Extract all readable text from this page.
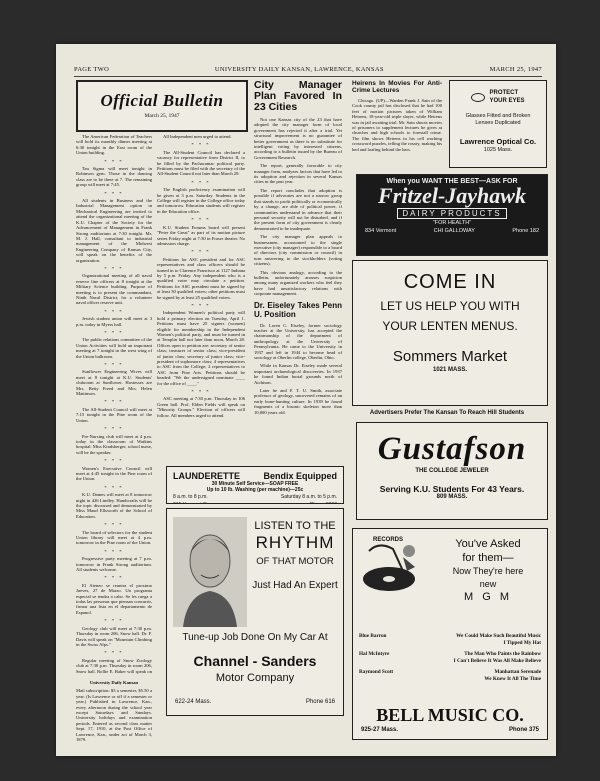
PAGE TWO	UNIVERSITY DAILY KANSAN, LAWRENCE, KANSAS	MARCH 25, 1947
Official Bulletin
March 25, 1947

The American Federation of Teachers will hold its monthly dinner meeting at 6:30 tonight in the East room of the Union building.

* * *

Tau Sigma will meet tonight in Robinson gym. Those in the dancing class are to be there at 7. The remaining group will meet at 7:45.

* * *

All students in Business and the Industrial Management option in Mechanical Engineering are invited to attend the organizational meeting of the K.U. Chapter of the Society for the Advancement of Management in Frank Strong auditorium at 7:30 tonight. Mr. M. J. Hall, consultant to industrial management of the Midwest Engineering Company of Kansas City, will speak on the benefits of the organization.

* * *

Organizational meeting of all naval reserve line officers at 8 tonight at the Military Science building. Purpose of meeting is to present the commandant, Ninth Naval District, for a volunteer naval officer reserve unit.

* * *

Jewish student union will meet at 3 p.m. today in Myers hall.

* * *

The public relations committee of the Union Activities will hold an important meeting at 7 tonight in the west wing of the Union ballroom.

* * *

Sunflower Engineering Wives will meet at 8 tonight at K.U. Students' clubroom at Sunflower. Hostesses are Mrs. Betty Freed and Mrs. Helen Mattinson.

* * *

The All-Student Council will meet at 7:15 tonight in the Pine room of the Union.

* * *

Pre-Nursing club will meet at 4 p.m. today in the classroom of Watkins hospital. Miss Kindsberger, school nurse, will be the speaker.

* * *

Women's Executive Council will meet at 4:45 tonight in the Pine room of the Union.

* * *

K.U. Dames will meet at 8 tomorrow night in 426 Lindley. Handicrafts will be the topic discussed and demonstrated by Miss Maud Ellsworth of the School of Education.

* * *

The board of selectors for the student Union library will meet at 4 p.m. tomorrow in the Pine room of the Union.

* * *

Progressive party meeting at 7 p.m. tomorrow in Frank Strong auditorium. All students welcome.

* * *

El Ateneo se reunira el proximo Jueves, 27 de Marzo. Un programa especial se tendra a cabo. Se les ruega a todas las personas que piensan concurrir, firmar una lista en el departamento de Espanol.

* * *

Geology club will meet at 7:30 p.m. Thursday in room 206, Snow hall. Dr. F. Davis will speak on "Mountain Climbing in the Swiss Alps."

* * *

Regular meeting of Snow Zoology club at 7:30 p.m. Thursday in room 206, Snow hall. Rollie E. Baker will speak on

University Daily Kansan

Mail subscription: $3 a semester, $5.50 a year. (Is Lawrence or off if a semester or year.) Published in Lawrence, Kan., every afternoon during the school year except Saturdays and Sundays. University holidays and examination periods. Entered as second class matter Sept. 17, 1910, at the Post Office of Lawrence, Kan., under act of March 3, 1879.

All Independent men urged to attend.

* * *

The All-Student Council has declared a vacancy for representative from District II, to be filled by the Pachacamac political party. Petitions must be filed with the secretary of the All-Student Council not later than March 29.

* * *

The English proficiency examination will be given at 3 p.m. Saturday. Students in the College will register in the College office today and tomorrow. Education students will register in the Education office.

* * *

K.U. Student Forums board will present "Peter the Great" as part of its motion picture series Friday night at 7:30 in Fraser theater. No admission charge.

* * *

Petitions for ASC president and for ASC representatives and class officers should be turned in to Clarence Francisco at 1127 Indiana by 5 p.m. Friday. Any independent who is a qualified voter may circulate a petition. Petitions for ASC president must be signed by at least 50 qualified voters; other petitions must be signed by at least 25 qualified voters.

* * *

Independent Women's political party will hold a primary election on Tuesday, April 1. Petitions must have 25 signers (women) eligible for membership in the Independent Women's political party, and must be turned in at Templin hall not later than noon, March 28. Offices open to petition are: secretary of senior class; treasurer of senior class; vice-president of junior class; secretary of junior class; vice-president of sophomore class; 4 representatives to ASC from the College; 2 representatives to ASC from Fine Arts. Petitions should be headed: "We the undersigned nominate ____ for the office of ____."

* * *

ASC meeting at 7:30 p.m. Thursday in 106 Green hall. Prof. Elden Fields will speak on "Minority Groups." Election of officers will follow. All members urged to attend.

City Manager Plan Favored In 23 Cities

Not one Kansas city of the 23 that have adopted the city manager form of local government has rejected it after a trial. Yet structural improvement is no guarantee of better government as there is no substitute for intelligent voting by interested citizens, according to a bulletin issued by the Bureau of Government Research.

The report, generally favorable to city manager form, analyzes factors that have led to its adoption and rejection in several Kansas cities in the past year.

The report concludes that adoption is possible if advocates are not a narrow group that stands to profit politically or economically by a change, are able of political power, if communities understand in advance that their personal security will not be disturbed, and if the present form of city government is clearly demonstrated to be inadequate.

The city manager plan appeals to businessmen, accustomed to the single executive (city manager) responsible to a board of directors (city commission or council) in turn answering to the stockholders (voting citizens).

This obvious analogy, according to the bulletin, unfortunately arouses suspicion among many organized workers who feel they have had unsatisfactory relations with corporate management.

Dr. Eiseley Takes Penn U. Position

Dr. Loren C. Eiseley, former sociology teacher at the University, has accepted the chairmanship of the department of anthropology at the University of Pennsylvania. He came to the University in 1937 and left in 1944 to become head of sociology at Oberlin college, Oberlin, Ohio.

While in Kansas Dr. Eiseley made several important archaeological discoveries. In 1937 he found Indian burial grounds north of Atchison.

Later he and F. T. U. Smith, associate professor of geology, uncovered remains of an early bone-hunting culture. In 1939 he found fragments of a bisonic skeleton more than 10,000 years old.

Heirens In Movies For Anti-Crime Lectures

Chicago. (UP)—Warden Frank J. Sain of the Cook county jail has disclosed that he had 100 feet of motion pictures taken of William Heirens, 18-year-old triple slayer, while Heirens was in jail awaiting trial. Mr. Sain shoots movies of prisoners to supplement lectures he gives at churches and high schools to forestall crime. The film shows Heirens in his cell working crossword puzzles, telling the rosary, making his bed and loafing behind the bars.

PROTECT
YOUR EYES
Glasses Fitted and Broken Lenses Duplicated
Lawrence Optical Co.
1025 Mass.
When you WANT THE BEST—ASK FOR
Fritzel-Jayhawk
DAIRY PRODUCTS
"FOR HEALTH"
834 Vermont	CHI GALLOWAY	Phone 182
COME IN
LET US HELP YOU WITH
YOUR LENTEN MENUS.
Sommers Market
1021 MASS.
Advertisers Prefer The Kansan To Reach Hill Students
Gustafson
THE COLLEGE JEWELER
Serving K.U. Students For 43 Years.
809 MASS.
LAUNDERETTE	Bendix Equipped
30 Minute Self Service—SOAP FREE
Up to 10 lb. Washing (per machine)—25c
8 a.m. to 8 p.m.	Saturday 8 a.m. to 5 p.m.
LISTEN TO THE
RHYTHM
OF THAT MOTOR
Just Had An Expert
Tune-up Job Done On My Car At
Channel - Sanders
Motor Company
622-24 Mass.	Phone 616
RECORDS	You've Asked
for them—
Now They're here
new
M G M
Blue Barron	We Could Make Such Beautiful Music
I Tipped My Hat
Hal McIntyre	The Man Who Paints the Rainbow
I Can't Believe It Was All Make Believe
Raymond Scott	Manhattan Serenade
We Knew It All The Time
BELL MUSIC CO.
925-27 Mass.	Phone 375
